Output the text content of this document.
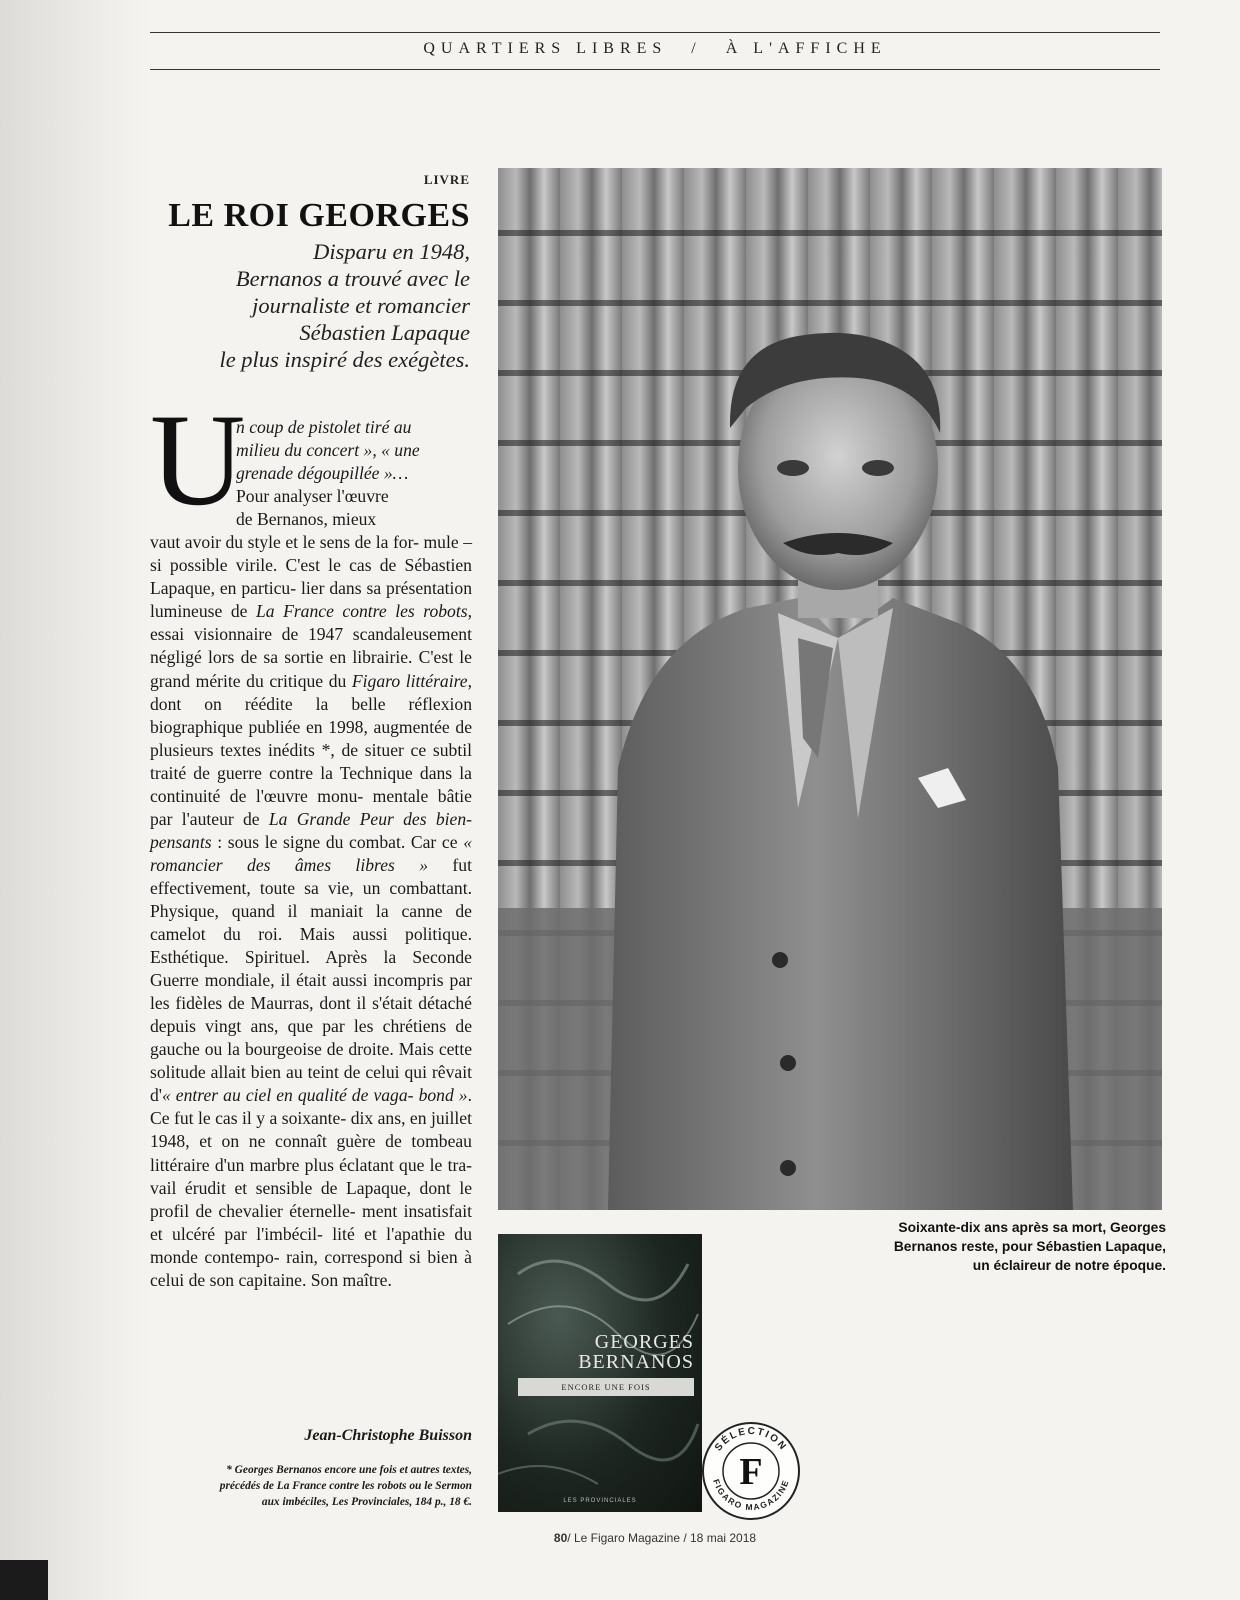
QUARTIERS LIBRES / À L'AFFICHE
LIVRE
LE ROI GEORGES
Disparu en 1948,
Bernanos a trouvé avec le
journaliste et romancier
Sébastien Lapaque
le plus inspiré des exégètes.
U

n coup de pistolet tiré au
milieu du concert », « une
grenade dégoupillée »…
Pour analyser l'œuvre
de Bernanos, mieux
vaut avoir du style et le sens de la for- mule – si possible virile. C'est le cas de Sébastien Lapaque, en particu- lier dans sa présentation lumineuse de La France contre les robots, essai visionnaire de 1947 scandaleusement négligé lors de sa sortie en librairie. C'est le grand mérite du critique du Figaro littéraire, dont on réédite la belle réflexion biographique publiée en 1998, augmentée de plusieurs textes inédits *, de situer ce subtil traité de guerre contre la Technique dans la continuité de l'œuvre monu- mentale bâtie par l'auteur de La Grande Peur des bien-pensants : sous le signe du combat. Car ce « romancier des âmes libres » fut effectivement, toute sa vie, un combattant. Physique, quand il maniait la canne de camelot du roi. Mais aussi politique. Esthétique. Spirituel. Après la Seconde Guerre mondiale, il était aussi incompris par les fidèles de Maurras, dont il s'était détaché depuis vingt ans, que par les chrétiens de gauche ou la bourgeoise de droite. Mais cette solitude allait bien au teint de celui qui rêvait d'« entrer au ciel en qualité de vaga- bond ». Ce fut le cas il y a soixante- dix ans, en juillet 1948, et on ne connaît guère de tombeau littéraire d'un marbre plus éclatant que le tra- vail érudit et sensible de Lapaque, dont le profil de chevalier éternelle- ment insatisfait et ulcéré par l'imbécil- lité et l'apathie du monde contempo- rain, correspond si bien à celui de son capitaine. Son maître.

Jean-Christophe Buisson
* Georges Bernanos encore une fois et autres textes,
précédés de La France contre les robots ou le Sermon
aux imbéciles, Les Provinciales, 184 p., 18 €.
Soixante-dix ans après sa mort, Georges
Bernanos reste, pour Sébastien Lapaque,
un éclaireur de notre époque.
GEORGES
BERNANOS
ENCORE UNE FOIS
LES PROVINCIALES
SÉLECTION
FIGARO MAGAZINE
F
80/ Le Figaro Magazine / 18 mai 2018
